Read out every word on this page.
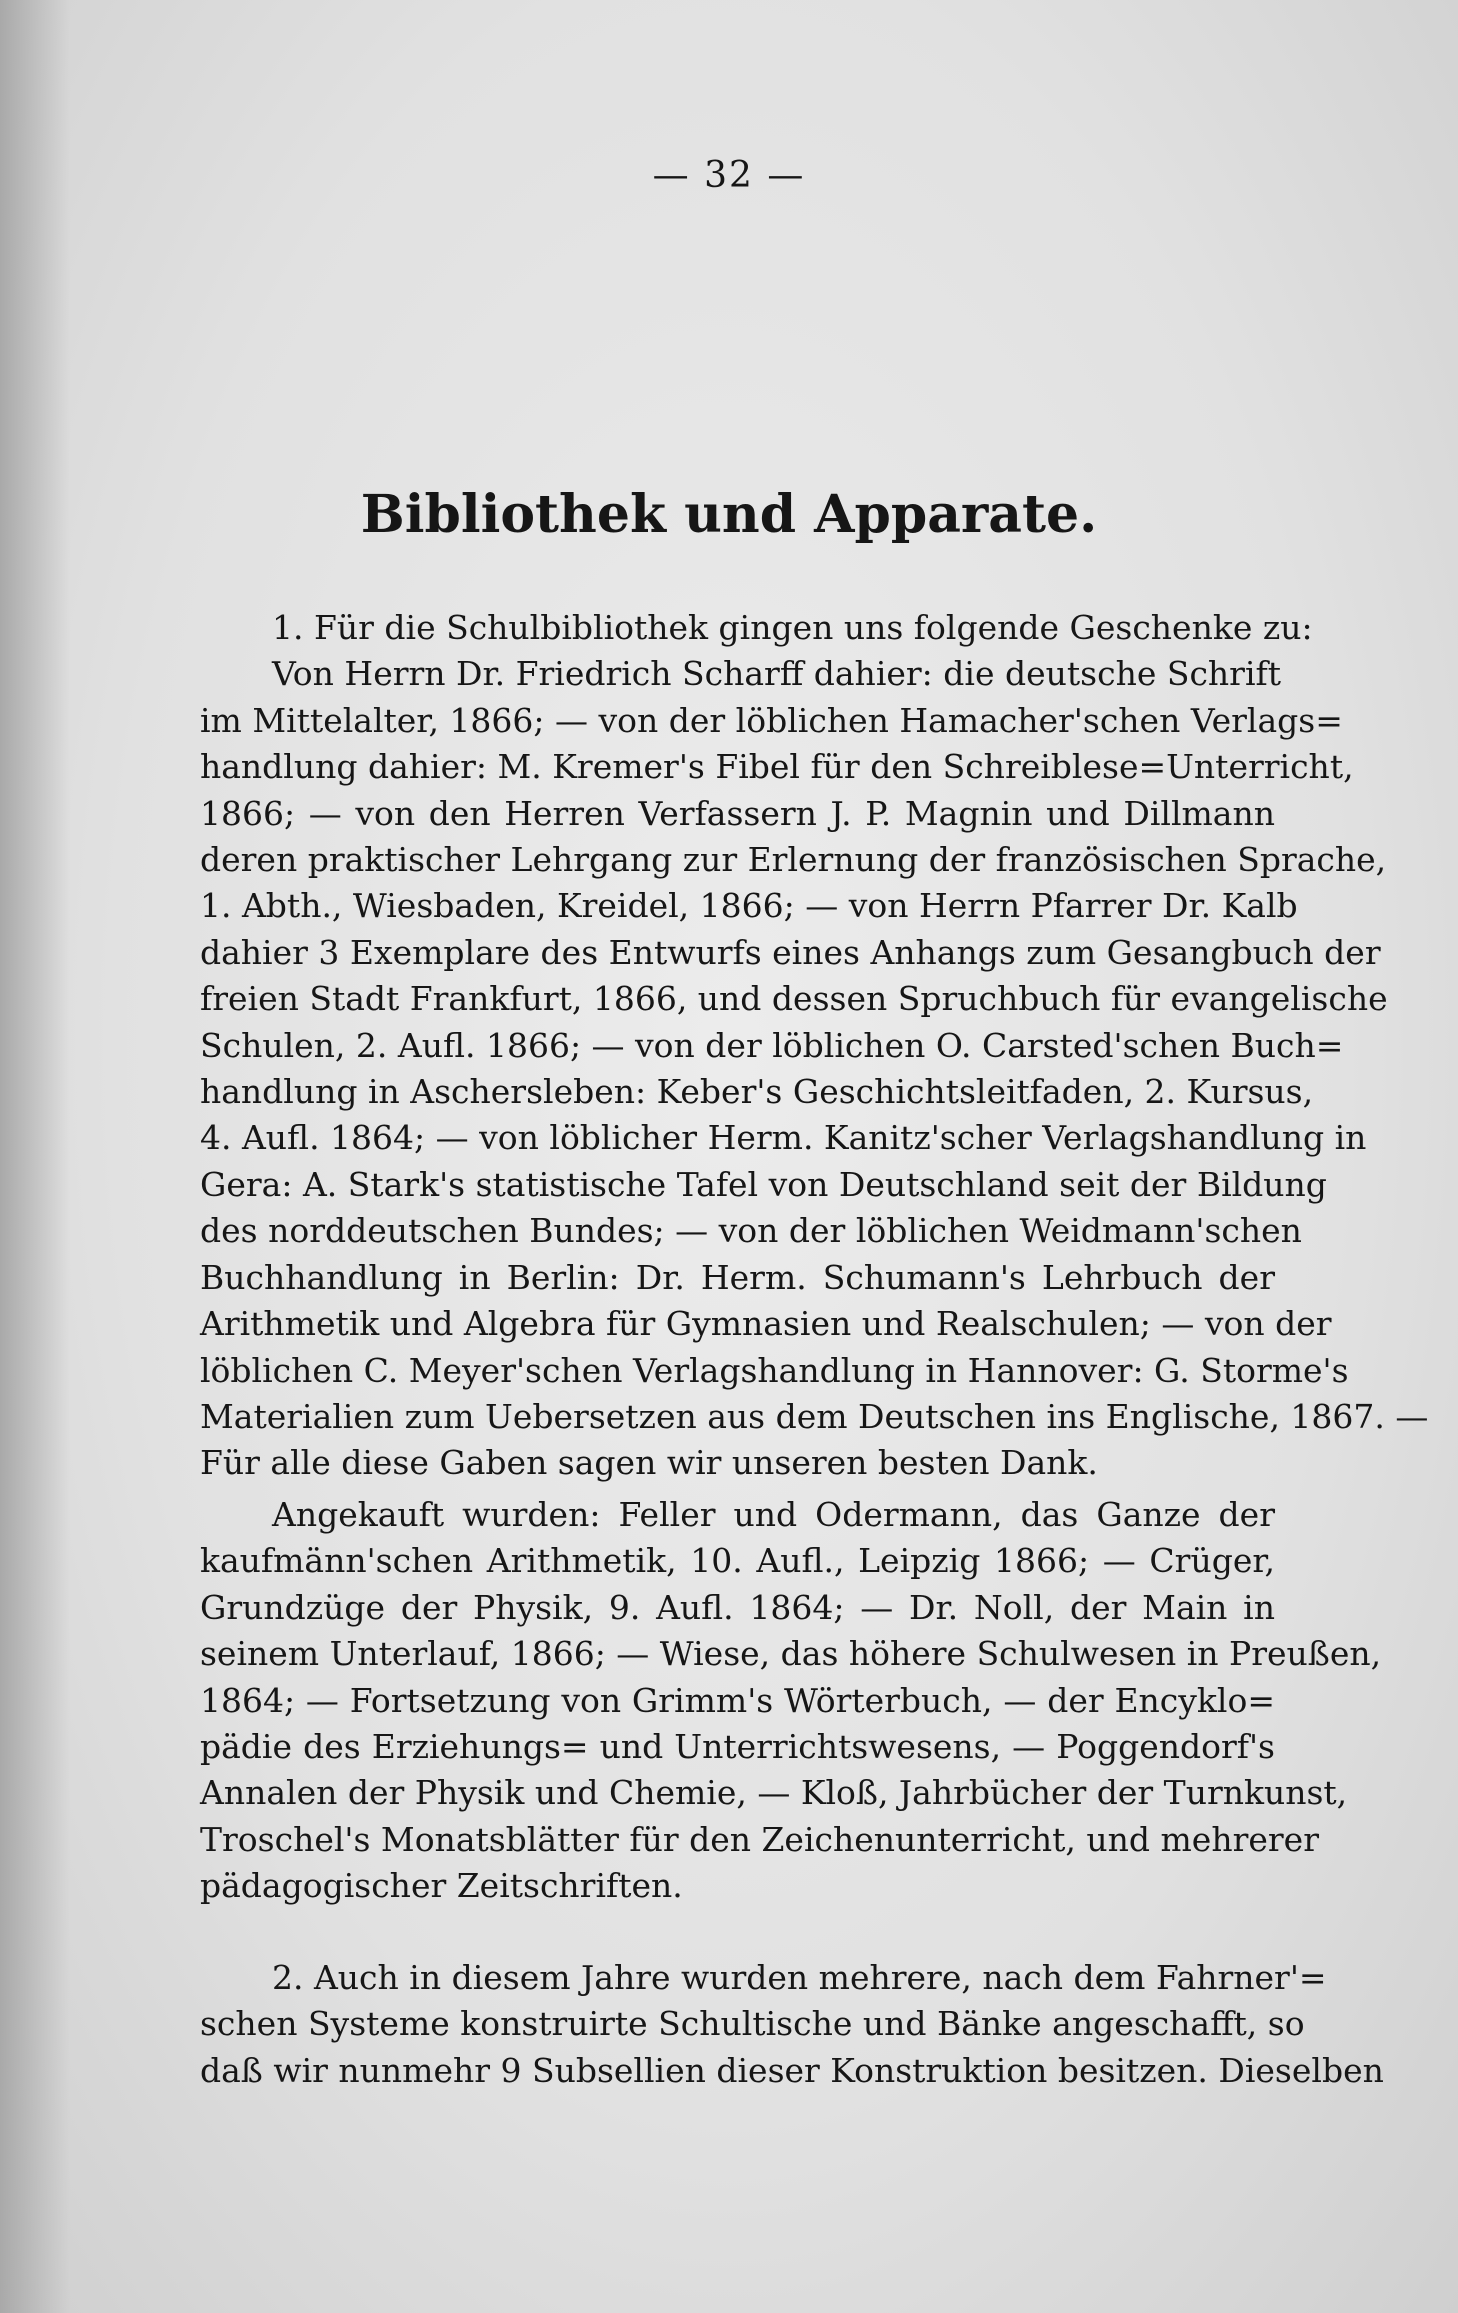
— 32 —
Bibliothek und Apparate.
1. Für die Schulbibliothek gingen uns folgende Geschenke zu:
Von Herrn Dr. Friedrich Scharff dahier: die deutsche Schrift
im Mittelalter, 1866; — von der löblichen Hamacher'schen Verlags=
handlung dahier: M. Kremer's Fibel für den Schreiblese=Unterricht,
1866; — von den Herren Verfassern J. P. Magnin und Dillmann
deren praktischer Lehrgang zur Erlernung der französischen Sprache,
1. Abth., Wiesbaden, Kreidel, 1866; — von Herrn Pfarrer Dr. Kalb
dahier 3 Exemplare des Entwurfs eines Anhangs zum Gesangbuch der
freien Stadt Frankfurt, 1866, und dessen Spruchbuch für evangelische
Schulen, 2. Aufl. 1866; — von der löblichen O. Carsted'schen Buch=
handlung in Aschersleben: Keber's Geschichtsleitfaden, 2. Kursus,
4. Aufl. 1864; — von löblicher Herm. Kanitz'scher Verlagshandlung in
Gera: A. Stark's statistische Tafel von Deutschland seit der Bildung
des norddeutschen Bundes; — von der löblichen Weidmann'schen
Buchhandlung in Berlin: Dr. Herm. Schumann's Lehrbuch der
Arithmetik und Algebra für Gymnasien und Realschulen; — von der
löblichen C. Meyer'schen Verlagshandlung in Hannover: G. Storme's
Materialien zum Uebersetzen aus dem Deutschen ins Englische, 1867. —
Für alle diese Gaben sagen wir unseren besten Dank.
Angekauft wurden: Feller und Odermann, das Ganze der
kaufmänn'schen Arithmetik, 10. Aufl., Leipzig 1866; — Crüger,
Grundzüge der Physik, 9. Aufl. 1864; — Dr. Noll, der Main in
seinem Unterlauf, 1866; — Wiese, das höhere Schulwesen in Preußen,
1864; — Fortsetzung von Grimm's Wörterbuch, — der Encyklo=
pädie des Erziehungs= und Unterrichtswesens, — Poggendorf's
Annalen der Physik und Chemie, — Kloß, Jahrbücher der Turnkunst,
Troschel's Monatsblätter für den Zeichenunterricht, und mehrerer
pädagogischer Zeitschriften.
2. Auch in diesem Jahre wurden mehrere, nach dem Fahrner'=
schen Systeme konstruirte Schultische und Bänke angeschafft, so
daß wir nunmehr 9 Subsellien dieser Konstruktion besitzen. Dieselben
